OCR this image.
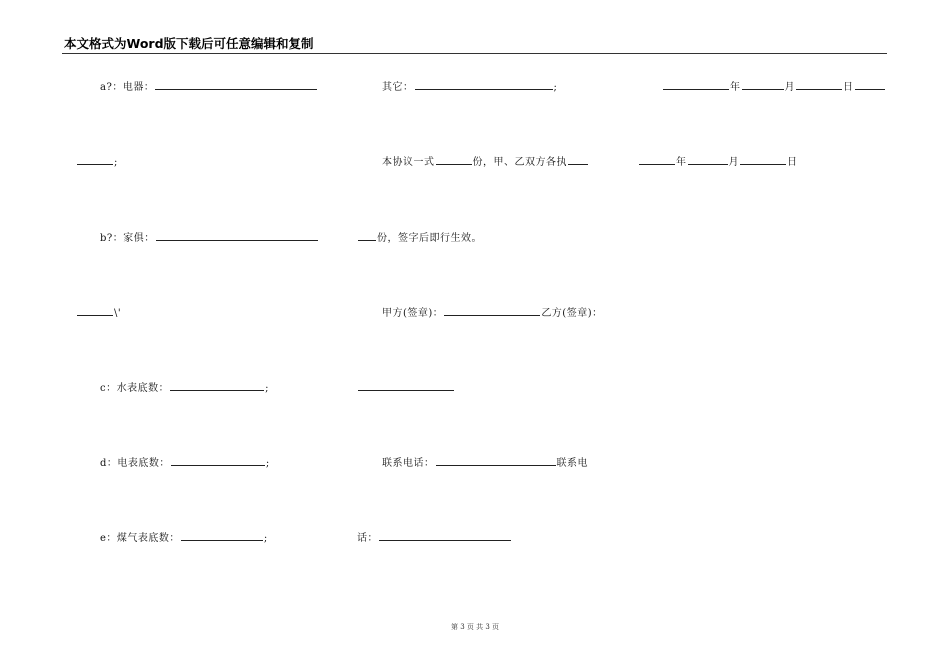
本文格式为Word版下载后可任意编辑和复制
a?：电器：	其它：	;	年	月	日
;	本协议一式	份，甲、乙双方各执	年	月	日
b?：家俱：	份，签字后即行生效。
\'	甲方(签章)：	乙方(签章)：
c：水表底数：	;
d：电表底数：	;	联系电话：	联系电
e：煤气表底数：	;	话：
第 3 页 共 3 页
